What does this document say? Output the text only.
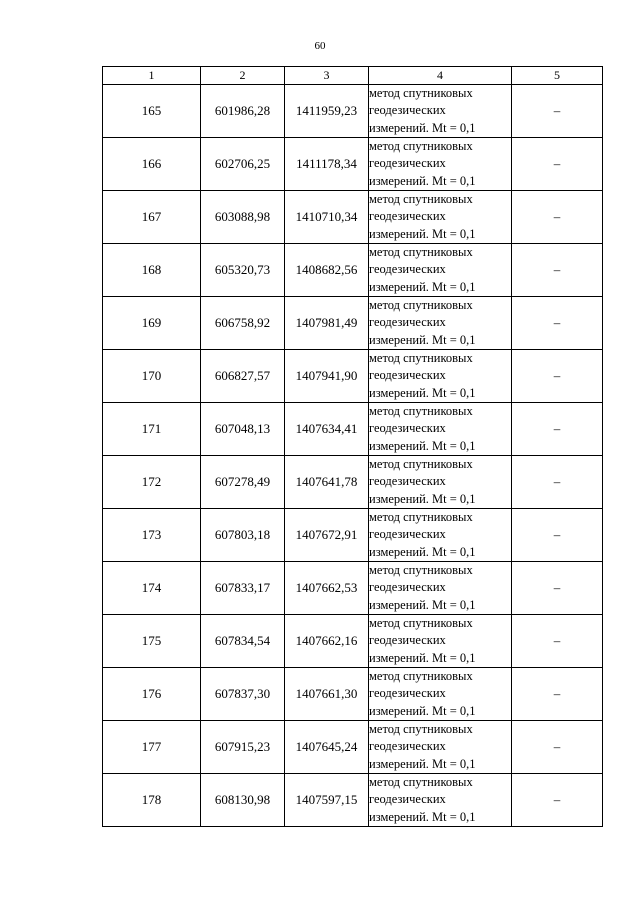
60
1	2	3	4	5
165	601986,28	1411959,23	метод спутниковых
геодезических
измерений. Mt = 0,1	–
166	602706,25	1411178,34	метод спутниковых
геодезических
измерений. Mt = 0,1	–
167	603088,98	1410710,34	метод спутниковых
геодезических
измерений. Mt = 0,1	–
168	605320,73	1408682,56	метод спутниковых
геодезических
измерений. Mt = 0,1	–
169	606758,92	1407981,49	метод спутниковых
геодезических
измерений. Mt = 0,1	–
170	606827,57	1407941,90	метод спутниковых
геодезических
измерений. Mt = 0,1	–
171	607048,13	1407634,41	метод спутниковых
геодезических
измерений. Mt = 0,1	–
172	607278,49	1407641,78	метод спутниковых
геодезических
измерений. Mt = 0,1	–
173	607803,18	1407672,91	метод спутниковых
геодезических
измерений. Mt = 0,1	–
174	607833,17	1407662,53	метод спутниковых
геодезических
измерений. Mt = 0,1	–
175	607834,54	1407662,16	метод спутниковых
геодезических
измерений. Mt = 0,1	–
176	607837,30	1407661,30	метод спутниковых
геодезических
измерений. Mt = 0,1	–
177	607915,23	1407645,24	метод спутниковых
геодезических
измерений. Mt = 0,1	–
178	608130,98	1407597,15	метод спутниковых
геодезических
измерений. Mt = 0,1	–
